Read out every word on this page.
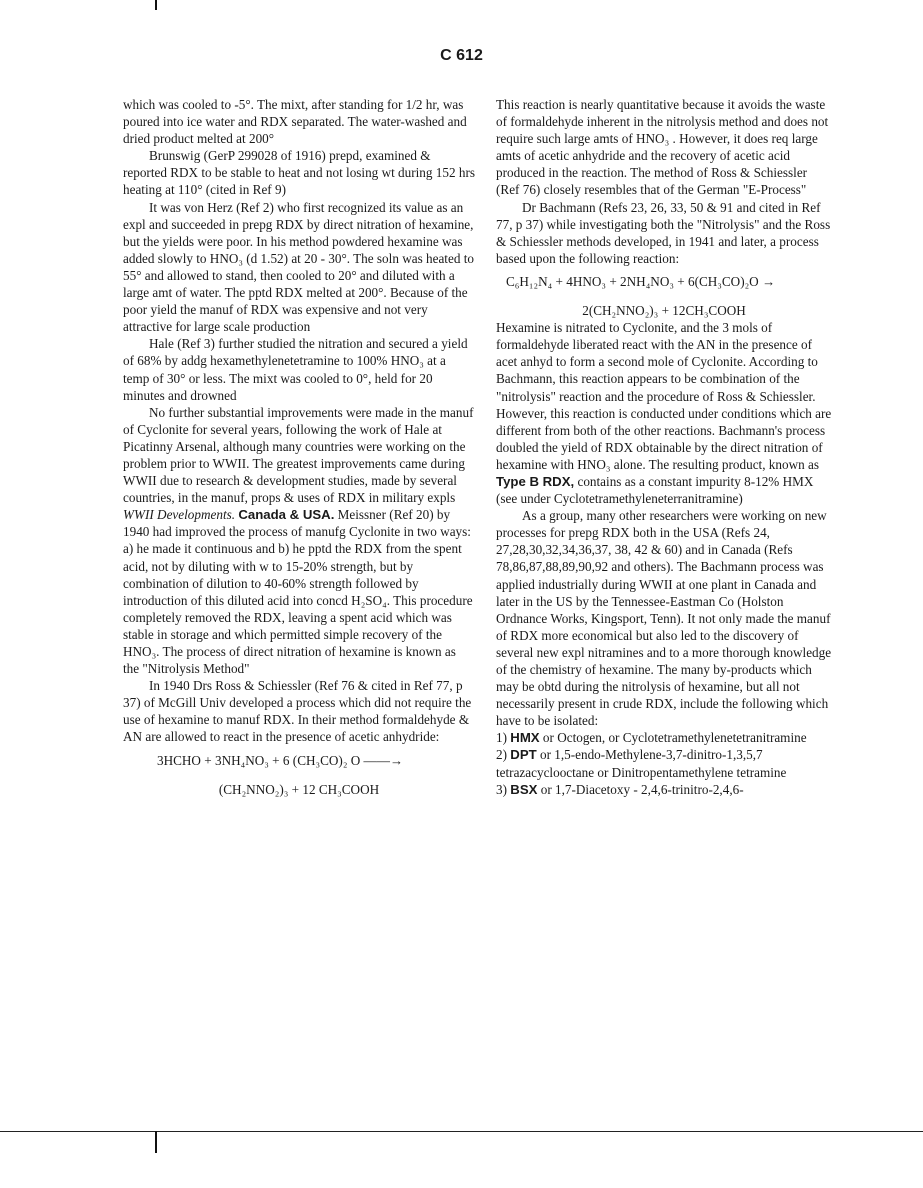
C 612

which was cooled to -5°. The mixt, after standing for 1/2 hr, was poured into ice water and RDX separated. The water-washed and dried product melted at 200°

Brunswig (GerP 299028 of 1916) prepd, examined & reported RDX to be stable to heat and not losing wt during 152 hrs heating at 110° (cited in Ref 9)

It was von Herz (Ref 2) who first recognized its value as an expl and succeeded in prepg RDX by direct nitration of hexamine, but the yields were poor. In his method powdered hexamine was added slowly to HNO₃ (d 1.52) at 20 - 30°. The soln was heated to 55° and allowed to stand, then cooled to 20° and diluted with a large amt of water. The pptd RDX melted at 200°. Because of the poor yield the manuf of RDX was expensive and not very attractive for large scale production

Hale (Ref 3) further studied the nitration and secured a yield of 68% by addg hexamethylenetetramine to 100% HNO₃ at a temp of 30° or less. The mixt was cooled to 0°, held for 20 minutes and drowned

No further substantial improvements were made in the manuf of Cyclonite for several years, following the work of Hale at Picatinny Arsenal, although many countries were working on the problem prior to WWII. The greatest improvements came during WWII due to research & development studies, made by several countries, in the manuf, props & uses of RDX in military expls

WWII Developments. Canada & USA. Meissner (Ref 20) by 1940 had improved the process of manufg Cyclonite in two ways: a) he made it continuous and b) he pptd the RDX from the spent acid, not by diluting with w to 15-20% strength, but by combination of dilution to 40-60% strength followed by introduction of this diluted acid into concd H₂SO₄. This procedure completely removed the RDX, leaving a spent acid which was stable in storage and which permitted simple recovery of the HNO₃. The process of direct nitration of hexamine is known as the "Nitrolysis Method"

In 1940 Drs Ross & Schiessler (Ref 76 & cited in Ref 77, p 37) of McGill Univ developed a process which did not require the use of hexamine to manuf RDX. In their method formaldehyde & AN are allowed to react in the presence of acetic anhydride:

3HCHO + 3NH₄NO₃ + 6 (CH₃CO)₂ O ——→

(CH₂NNO₂)₃ + 12 CH₃COOH

This reaction is nearly quantitative because it avoids the waste of formaldehyde inherent in the nitrolysis method and does not require such large amts of HNO₃ . However, it does req large amts of acetic anhydride and the recovery of acetic acid produced in the reaction. The method of Ross & Schiessler (Ref 76) closely resembles that of the German "E-Process"

Dr Bachmann (Refs 23, 26, 33, 50 & 91 and cited in Ref 77, p 37) while investigating both the "Nitrolysis" and the Ross & Schiessler methods developed, in 1941 and later, a process based upon the following reaction:

C₆H₁₂N₄ + 4HNO₃ + 2NH₄NO₃ + 6(CH₃CO)₂O →

2(CH₂NNO₂)₃ + 12CH₃COOH

Hexamine is nitrated to Cyclonite, and the 3 mols of formaldehyde liberated react with the AN in the presence of acet anhyd to form a second mole of Cyclonite. According to Bachmann, this reaction appears to be combination of the "nitrolysis" reaction and the procedure of Ross & Schiessler. However, this reaction is conducted under conditions which are different from both of the other reactions. Bachmann's process doubled the yield of RDX obtainable by the direct nitration of hexamine with HNO₃ alone. The resulting product, known as Type B RDX, contains as a constant impurity 8-12% HMX (see under Cyclotetramethyleneterranitramine)

As a group, many other researchers were working on new processes for prepg RDX both in the USA (Refs 24, 27,28,30,32,34,36,37, 38, 42 & 60) and in Canada (Refs 78,86,87,88,89,90,92 and others). The Bachmann process was applied industrially during WWII at one plant in Canada and later in the US by the Tennessee-Eastman Co (Holston Ordnance Works, Kingsport, Tenn). It not only made the manuf of RDX more economical but also led to the discovery of several new expl nitramines and to a more thorough knowledge of the chemistry of hexamine. The many by-products which may be obtd during the nitrolysis of hexamine, but all not necessarily present in crude RDX, include the following which have to be isolated:

1) HMX or Octogen, or Cyclotetramethylenetetranitramine

2) DPT or 1,5-endo-Methylene-3,7-dinitro-1,3,5,7 tetrazacyclooctane or Dinitropentamethylene tetramine

3) BSX or 1,7-Diacetoxy - 2,4,6-trinitro-2,4,6-
